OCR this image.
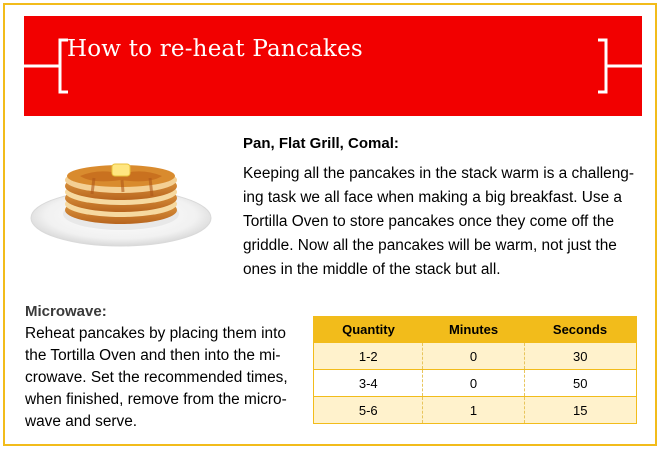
How to re-heat Pancakes
Pan, Flat Grill, Comal:
Keeping all the pancakes in the stack warm is a challeng-
ing task we all face when making a big breakfast. Use a
Tortilla Oven to store pancakes once they come off the
griddle. Now all the pancakes will be warm, not just the
ones in the middle of the stack but all.
Microwave:
Reheat pancakes by placing them into
the Tortilla Oven and then into the mi-
crowave. Set the recommended times,
when finished, remove from the micro-
wave and serve.
Quantity	Minutes	Seconds
1-2	0	30
3-4	0	50
5-6	1	15
